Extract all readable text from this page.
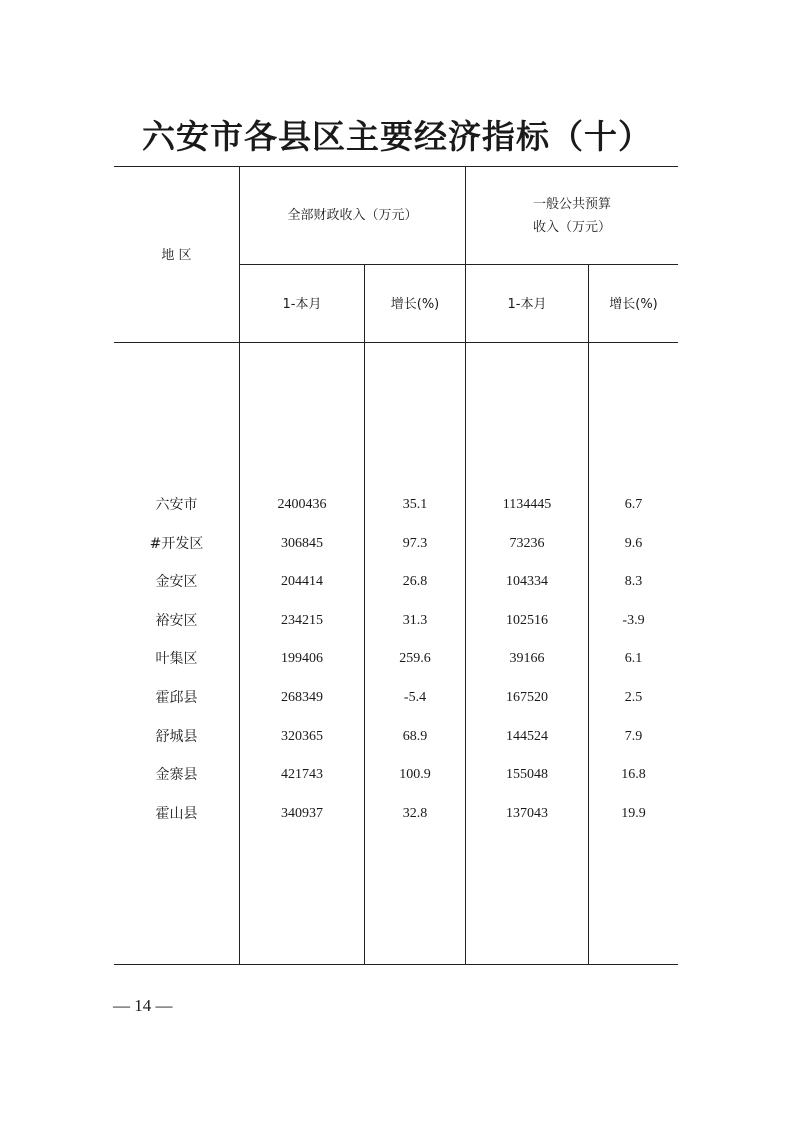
六安市各县区主要经济指标（十）
地 区
全部财政收入（万元）
一般公共预算
收入（万元）
1-本月	增长(%)	1-本月	增长(%)
六安市	2400436	35.1	1134445	6.7
#开发区	306845	97.3	73236	9.6
金安区	204414	26.8	104334	8.3
裕安区	234215	31.3	102516	-3.9
叶集区	199406	259.6	39166	6.1
霍邱县	268349	-5.4	167520	2.5
舒城县	320365	68.9	144524	7.9
金寨县	421743	100.9	155048	16.8
霍山县	340937	32.8	137043	19.9
— 14 —
